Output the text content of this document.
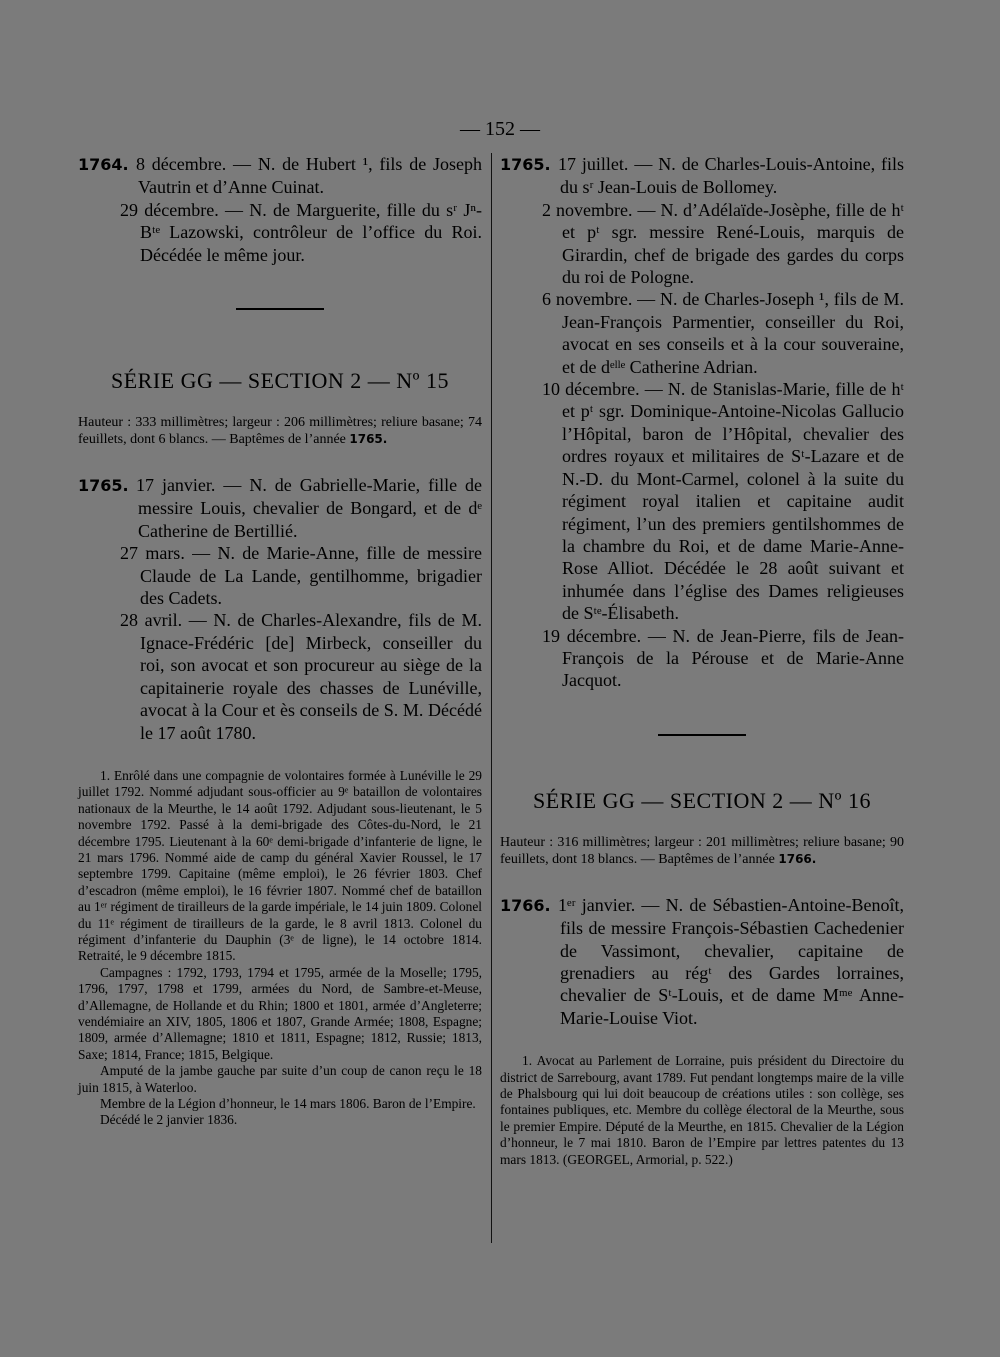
— 152 —

1764. 8 décembre. — N. de Hubert ¹, fils de Joseph Vautrin et d’Anne Cuinat.

29 décembre. — N. de Marguerite, fille du sʳ Jⁿ-Bᵗᵉ Lazowski, contrôleur de l’office du Roi. Décédée le même jour.

SÉRIE GG — SECTION 2 — Nº 15
Hauteur : 333 millimètres; largeur : 206 millimètres; reliure basane; 74 feuillets, dont 6 blancs. — Baptêmes de l’année 1765.

1765. 17 janvier. — N. de Gabrielle-Marie, fille de messire Louis, chevalier de Bongard, et de dᵉ Catherine de Bertillié.

27 mars. — N. de Marie-Anne, fille de messire Claude de La Lande, gentilhomme, brigadier des Cadets.

28 avril. — N. de Charles-Alexandre, fils de M. Ignace-Frédéric [de] Mirbeck, conseiller du roi, son avocat et son procureur au siège de la capitainerie royale des chasses de Lunéville, avocat à la Cour et ès conseils de S. M. Décédé le 17 août 1780.

1. Enrôlé dans une compagnie de volontaires formée à Lunéville le 29 juillet 1792. Nommé adjudant sous-officier au 9ᵉ bataillon de volontaires nationaux de la Meurthe, le 14 août 1792. Adjudant sous-lieutenant, le 5 novembre 1792. Passé à la demi-brigade des Côtes-du-Nord, le 21 décembre 1795. Lieutenant à la 60ᵉ demi-brigade d’infanterie de ligne, le 21 mars 1796. Nommé aide de camp du général Xavier Roussel, le 17 septembre 1799. Capitaine (même emploi), le 26 février 1803. Chef d’escadron (même emploi), le 16 février 1807. Nommé chef de bataillon au 1ᵉʳ régiment de tirailleurs de la garde impériale, le 14 juin 1809. Colonel du 11ᵉ régiment de tirailleurs de la garde, le 8 avril 1813. Colonel du régiment d’infanterie du Dauphin (3ᵉ de ligne), le 14 octobre 1814. Retraité, le 9 décembre 1815.

Campagnes : 1792, 1793, 1794 et 1795, armée de la Moselle; 1795, 1796, 1797, 1798 et 1799, armées du Nord, de Sambre-et-Meuse, d’Allemagne, de Hollande et du Rhin; 1800 et 1801, armée d’Angleterre; vendémiaire an XIV, 1805, 1806 et 1807, Grande Armée; 1808, Espagne; 1809, armée d’Allemagne; 1810 et 1811, Espagne; 1812, Russie; 1813, Saxe; 1814, France; 1815, Belgique.

Amputé de la jambe gauche par suite d’un coup de canon reçu le 18 juin 1815, à Waterloo.

Membre de la Légion d’honneur, le 14 mars 1806. Baron de l’Empire.

Décédé le 2 janvier 1836.

1765. 17 juillet. — N. de Charles-Louis-Antoine, fils du sʳ Jean-Louis de Bollomey.

2 novembre. — N. d’Adélaïde-Josèphe, fille de hᵗ et pᵗ sgr. messire René-Louis, marquis de Girardin, chef de brigade des gardes du corps du roi de Pologne.

6 novembre. — N. de Charles-Joseph ¹, fils de M. Jean-François Parmentier, conseiller du Roi, avocat en ses conseils et à la cour souveraine, et de dᵉˡˡᵉ Catherine Adrian.

10 décembre. — N. de Stanislas-Marie, fille de hᵗ et pᵗ sgr. Dominique-Antoine-Nicolas Gallucio l’Hôpital, baron de l’Hôpital, chevalier des ordres royaux et militaires de Sᵗ-Lazare et de N.-D. du Mont-Carmel, colonel à la suite du régiment royal italien et capitaine audit régiment, l’un des premiers gentilshommes de la chambre du Roi, et de dame Marie-Anne-Rose Alliot. Décédée le 28 août suivant et inhumée dans l’église des Dames religieuses de Sᵗᵉ-Élisabeth.

19 décembre. — N. de Jean-Pierre, fils de Jean-François de la Pérouse et de Marie-Anne Jacquot.

SÉRIE GG — SECTION 2 — Nº 16
Hauteur : 316 millimètres; largeur : 201 millimètres; reliure basane; 90 feuillets, dont 18 blancs. — Baptêmes de l’année 1766.

1766. 1ᵉʳ janvier. — N. de Sébastien-Antoine-Benoît, fils de messire François-Sébastien Cachedenier de Vassimont, chevalier, capitaine de grenadiers au régᵗ des Gardes lorraines, chevalier de Sᵗ-Louis, et de dame Mᵐᵉ Anne-Marie-Louise Viot.

1. Avocat au Parlement de Lorraine, puis président du Directoire du district de Sarrebourg, avant 1789. Fut pendant longtemps maire de la ville de Phalsbourg qui lui doit beaucoup de créations utiles : son collège, ses fontaines publiques, etc. Membre du collège électoral de la Meurthe, sous le premier Empire. Député de la Meurthe, en 1815. Chevalier de la Légion d’honneur, le 7 mai 1810. Baron de l’Empire par lettres patentes du 13 mars 1813. (GEORGEL, Armorial, p. 522.)
